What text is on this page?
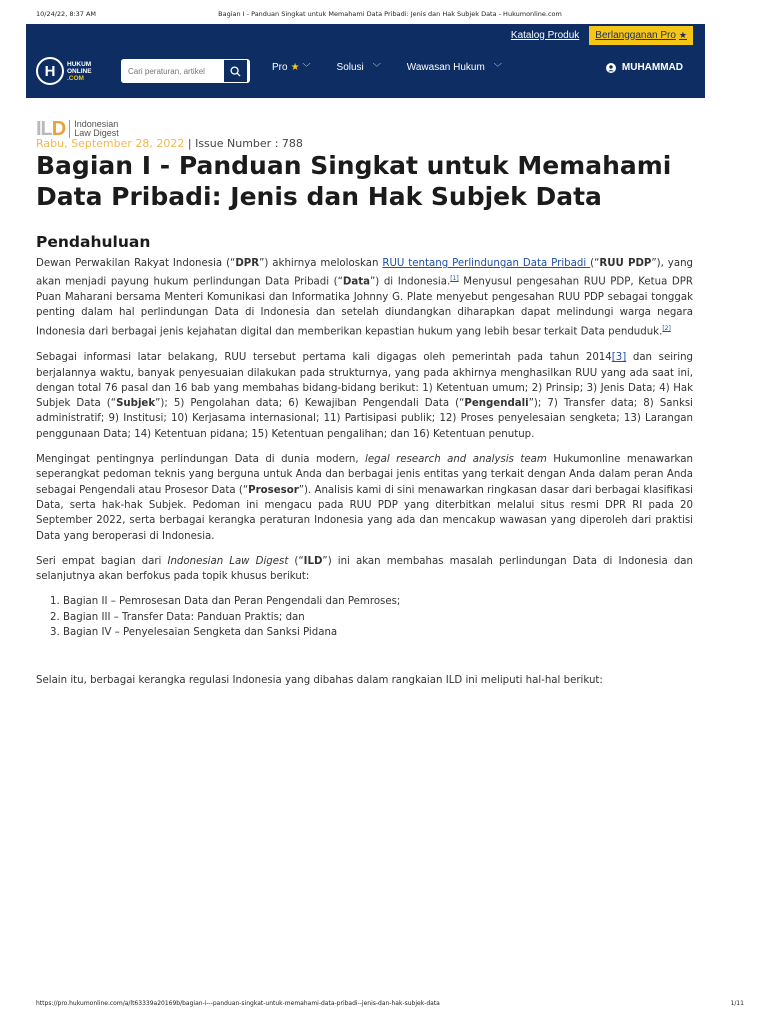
10/24/22, 8:37 AM	Bagian I - Panduan Singkat untuk Memahami Data Pribadi: Jenis dan Hak Subjek Data - Hukumonline.com
Katalog Produk	Berlangganan Pro ★
H	HUKUM
ONLINE
.COM
Cari peraturan, artikel
Pro ★ ﹀	Solusi ﹀	Wawasan Hukum ﹀	MUHAMMAD
ILD Indonesian
Law Digest
Rabu, September 28, 2022 | Issue Number : 788
Bagian I - Panduan Singkat untuk Memahami Data Pribadi: Jenis dan Hak Subjek Data
Pendahuluan

Dewan Perwakilan Rakyat Indonesia (“DPR”) akhirnya meloloskan RUU tentang Perlindungan Data Pribadi (“RUU PDP”), yang akan menjadi payung hukum perlindungan Data Pribadi (“Data”) di Indonesia.[1] Menyusul pengesahan RUU PDP, Ketua DPR Puan Maharani bersama Menteri Komunikasi dan Informatika Johnny G. Plate menyebut pengesahan RUU PDP sebagai tonggak penting dalam hal perlindungan Data di Indonesia dan setelah diundangkan diharapkan dapat melindungi warga negara Indonesia dari berbagai jenis kejahatan digital dan memberikan kepastian hukum yang lebih besar terkait Data penduduk.[2]

Sebagai informasi latar belakang, RUU tersebut pertama kali digagas oleh pemerintah pada tahun 2014[3] dan seiring berjalannya waktu, banyak penyesuaian dilakukan pada strukturnya, yang pada akhirnya menghasilkan RUU yang ada saat ini, dengan total 76 pasal dan 16 bab yang membahas bidang-bidang berikut: 1) Ketentuan umum; 2) Prinsip; 3) Jenis Data; 4) Hak Subjek Data (“Subjek”); 5) Pengolahan data; 6) Kewajiban Pengendali Data (“Pengendali”); 7) Transfer data; 8) Sanksi administratif; 9) Institusi; 10) Kerjasama internasional; 11) Partisipasi publik; 12) Proses penyelesaian sengketa; 13) Larangan penggunaan Data; 14) Ketentuan pidana; 15) Ketentuan pengalihan; dan 16) Ketentuan penutup.

Mengingat pentingnya perlindungan Data di dunia modern, legal research and analysis team Hukumonline menawarkan seperangkat pedoman teknis yang berguna untuk Anda dan berbagai jenis entitas yang terkait dengan Anda dalam peran Anda sebagai Pengendali atau Prosesor Data (“Prosesor”). Analisis kami di sini menawarkan ringkasan dasar dari berbagai klasifikasi Data, serta hak-hak Subjek. Pedoman ini mengacu pada RUU PDP yang diterbitkan melalui situs resmi DPR RI pada 20 September 2022, serta berbagai kerangka peraturan Indonesia yang ada dan mencakup wawasan yang diperoleh dari praktisi Data yang beroperasi di Indonesia.

Seri empat bagian dari Indonesian Law Digest (“ILD”) ini akan membahas masalah perlindungan Data di Indonesia dan selanjutnya akan berfokus pada topik khusus berikut:

1. Bagian II – Pemrosesan Data dan Peran Pengendali dan Pemroses;
2. Bagian III – Transfer Data: Panduan Praktis; dan
3. Bagian IV – Penyelesaian Sengketa dan Sanksi Pidana

Selain itu, berbagai kerangka regulasi Indonesia yang dibahas dalam rangkaian ILD ini meliputi hal-hal berikut:

https://pro.hukumonline.com/a/lt63339a20169b/bagian-i---panduan-singkat-untuk-memahami-data-pribadi--jenis-dan-hak-subjek-data	1/11
